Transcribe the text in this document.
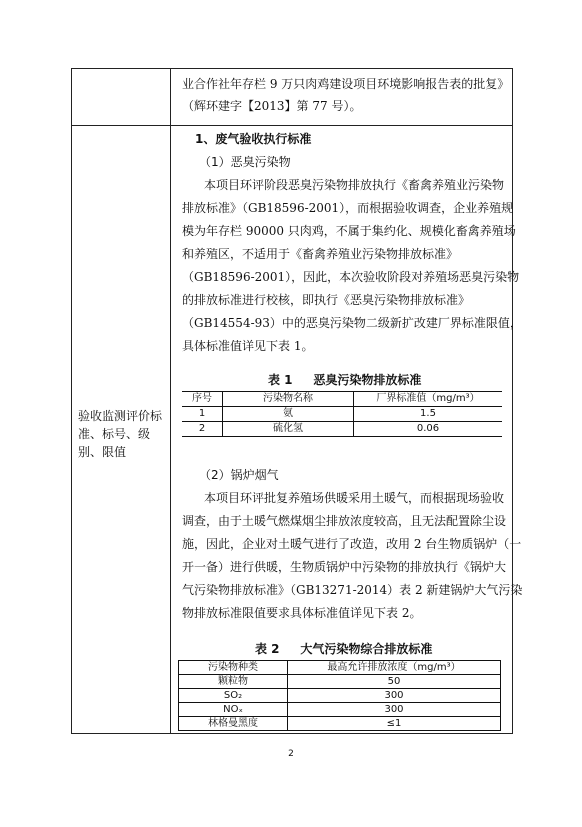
业合作社年存栏 9 万只肉鸡建设项目环境影响报告表的批复》
（辉环建字【2013】第 77 号）。
验收监测评价标准、标号、级别、限值
1、废气验收执行标准
（1）恶臭污染物
本项目环评阶段恶臭污染物排放执行《畜禽养殖业污染物
排放标准》（GB18596-2001），而根据验收调查，企业养殖规
模为年存栏 90000 只肉鸡，不属于集约化、规模化畜禽养殖场
和养殖区，不适用于《畜禽养殖业污染物排放标准》
（GB18596-2001），因此，本次验收阶段对养殖场恶臭污染物
的排放标准进行校核，即执行《恶臭污染物排放标准》
（GB14554-93）中的恶臭污染物二级新扩改建厂界标准限值，
具体标准值详见下表 1。
表 1     恶臭污染物排放标准
序号	污染物名称	厂界标准值（mg/m³）
1	氨	1.5
2	硫化氢	0.06
（2）锅炉烟气
本项目环评批复养殖场供暖采用土暖气，而根据现场验收
调查，由于土暖气燃煤烟尘排放浓度较高，且无法配置除尘设
施，因此，企业对土暖气进行了改造，改用 2 台生物质锅炉（一
开一备）进行供暖，生物质锅炉中污染物的排放执行《锅炉大
气污染物排放标准》（GB13271-2014）表 2 新建锅炉大气污染
物排放标准限值要求具体标准值详见下表 2。
表 2     大气污染物综合排放标准
污染物种类	最高允许排放浓度（mg/m³）
颗粒物	50
SO₂	300
NOₓ	300
林格曼黑度	≤1
2
